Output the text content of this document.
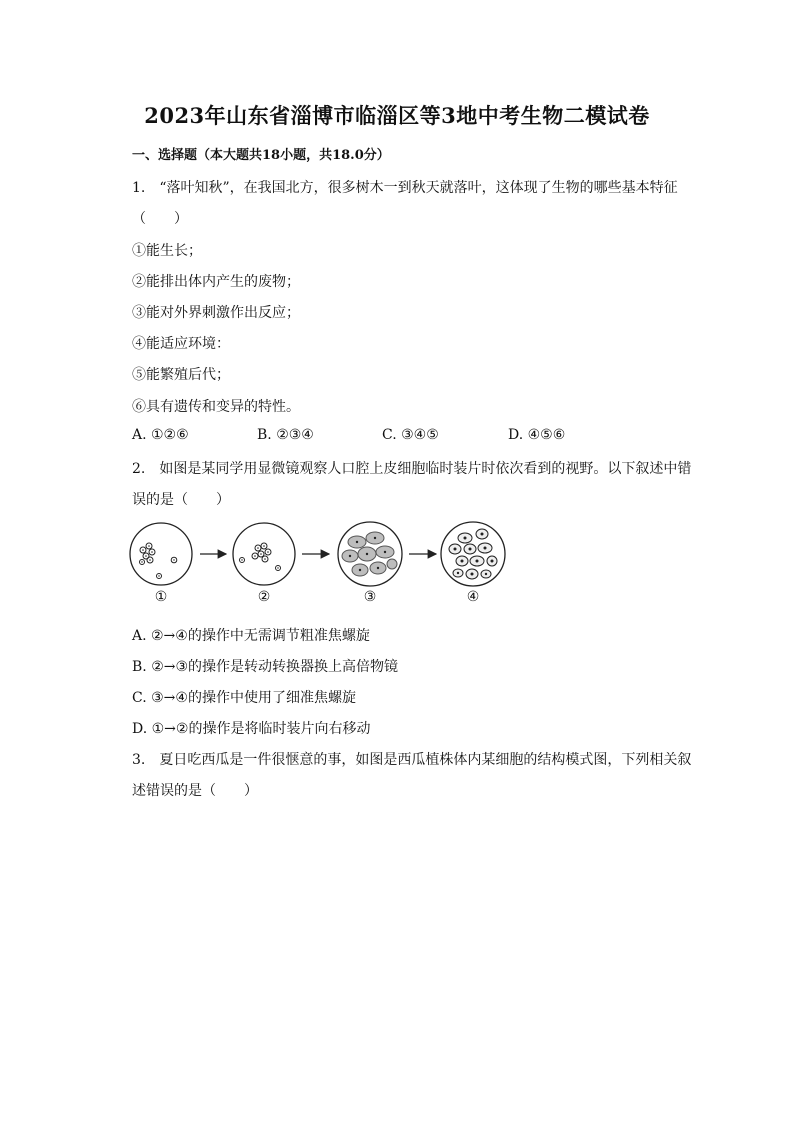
2023年山东省淄博市临淄区等3地中考生物二模试卷
一、选择题（本大题共18小题，共18.0分）
1.　“落叶知秋”，在我国北方，很多树木一到秋天就落叶，这体现了生物的哪些基本特征
（　　）
①能生长；
②能排出体内产生的废物；
③能对外界刺激作出反应；
④能适应环境：
⑤能繁殖后代；
⑥具有遗传和变异的特性。
A. ①②⑥	B. ②③④	C. ③④⑤	D. ④⑤⑥
2.　如图是某同学用显微镜观察人口腔上皮细胞临时装片时依次看到的视野。以下叙述中错
误的是（　　）
①	②	③	④
A. ②→④的操作中无需调节粗准焦螺旋
B. ②→③的操作是转动转换器换上高倍物镜
C. ③→④的操作中使用了细准焦螺旋
D. ①→②的操作是将临时装片向右移动
3.　夏日吃西瓜是一件很惬意的事，如图是西瓜植株体内某细胞的结构模式图，下列相关叙
述错误的是（　　）
